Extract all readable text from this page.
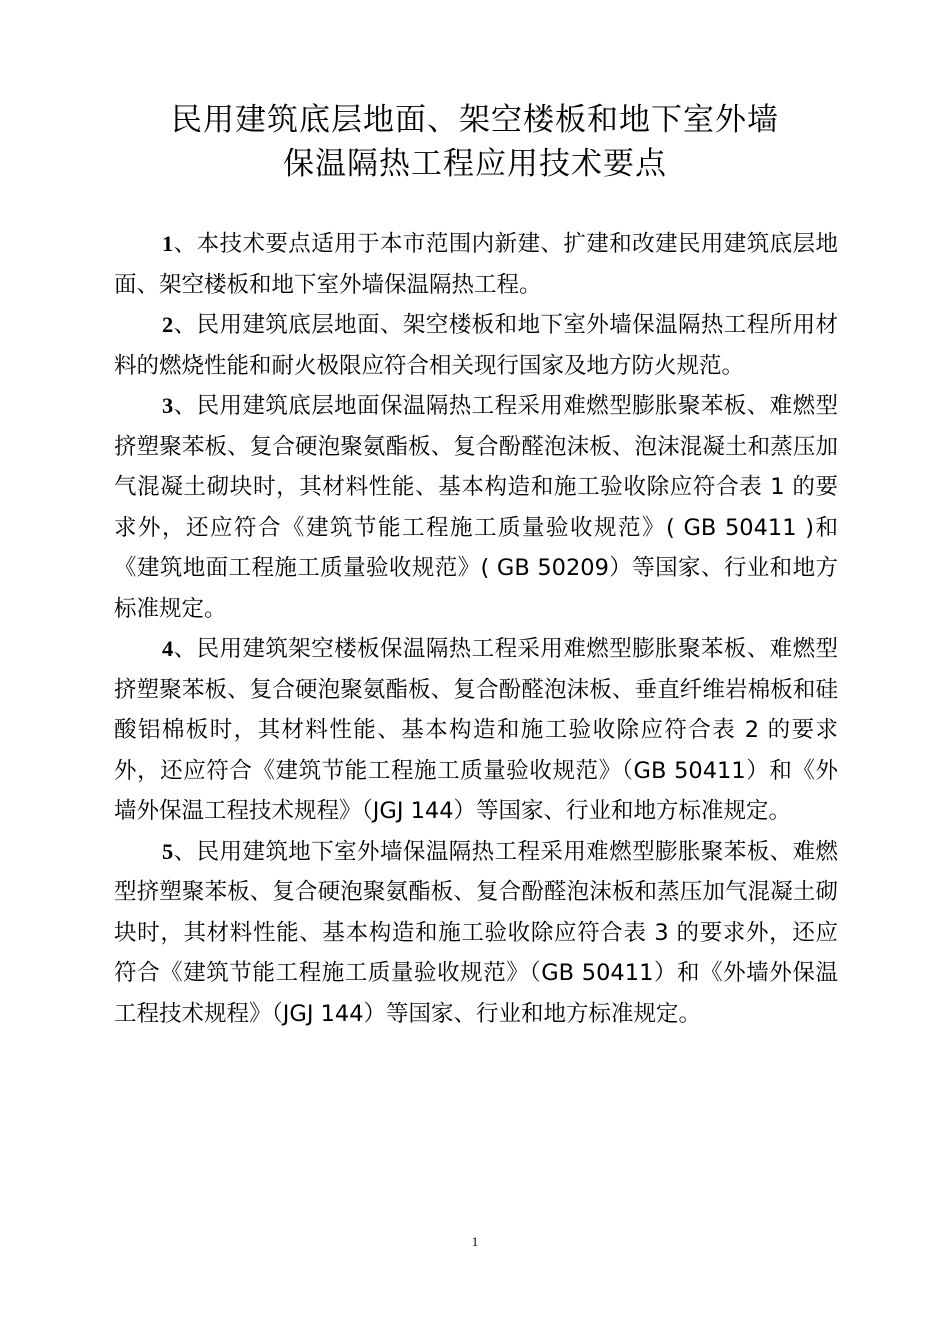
民用建筑底层地面、架空楼板和地下室外墙
保温隔热工程应用技术要点

1、本技术要点适用于本市范围内新建、扩建和改建民用建筑底层地面、架空楼板和地下室外墙保温隔热工程。

2、民用建筑底层地面、架空楼板和地下室外墙保温隔热工程所用材料的燃烧性能和耐火极限应符合相关现行国家及地方防火规范。

3、民用建筑底层地面保温隔热工程采用难燃型膨胀聚苯板、难燃型挤塑聚苯板、复合硬泡聚氨酯板、复合酚醛泡沫板、泡沫混凝土和蒸压加气混凝土砌块时，其材料性能、基本构造和施工验收除应符合表 1 的要求外，还应符合《建筑节能工程施工质量验收规范》( GB 50411 )和《建筑地面工程施工质量验收规范》( GB 50209）等国家、行业和地方标准规定。

4、民用建筑架空楼板保温隔热工程采用难燃型膨胀聚苯板、难燃型挤塑聚苯板、复合硬泡聚氨酯板、复合酚醛泡沫板、垂直纤维岩棉板和硅酸铝棉板时，其材料性能、基本构造和施工验收除应符合表 2 的要求外，还应符合《建筑节能工程施工质量验收规范》（GB 50411）和《外墙外保温工程技术规程》（JGJ 144）等国家、行业和地方标准规定。

5、民用建筑地下室外墙保温隔热工程采用难燃型膨胀聚苯板、难燃型挤塑聚苯板、复合硬泡聚氨酯板、复合酚醛泡沫板和蒸压加气混凝土砌块时，其材料性能、基本构造和施工验收除应符合表 3 的要求外，还应符合《建筑节能工程施工质量验收规范》（GB 50411）和《外墙外保温工程技术规程》（JGJ 144）等国家、行业和地方标准规定。

1
